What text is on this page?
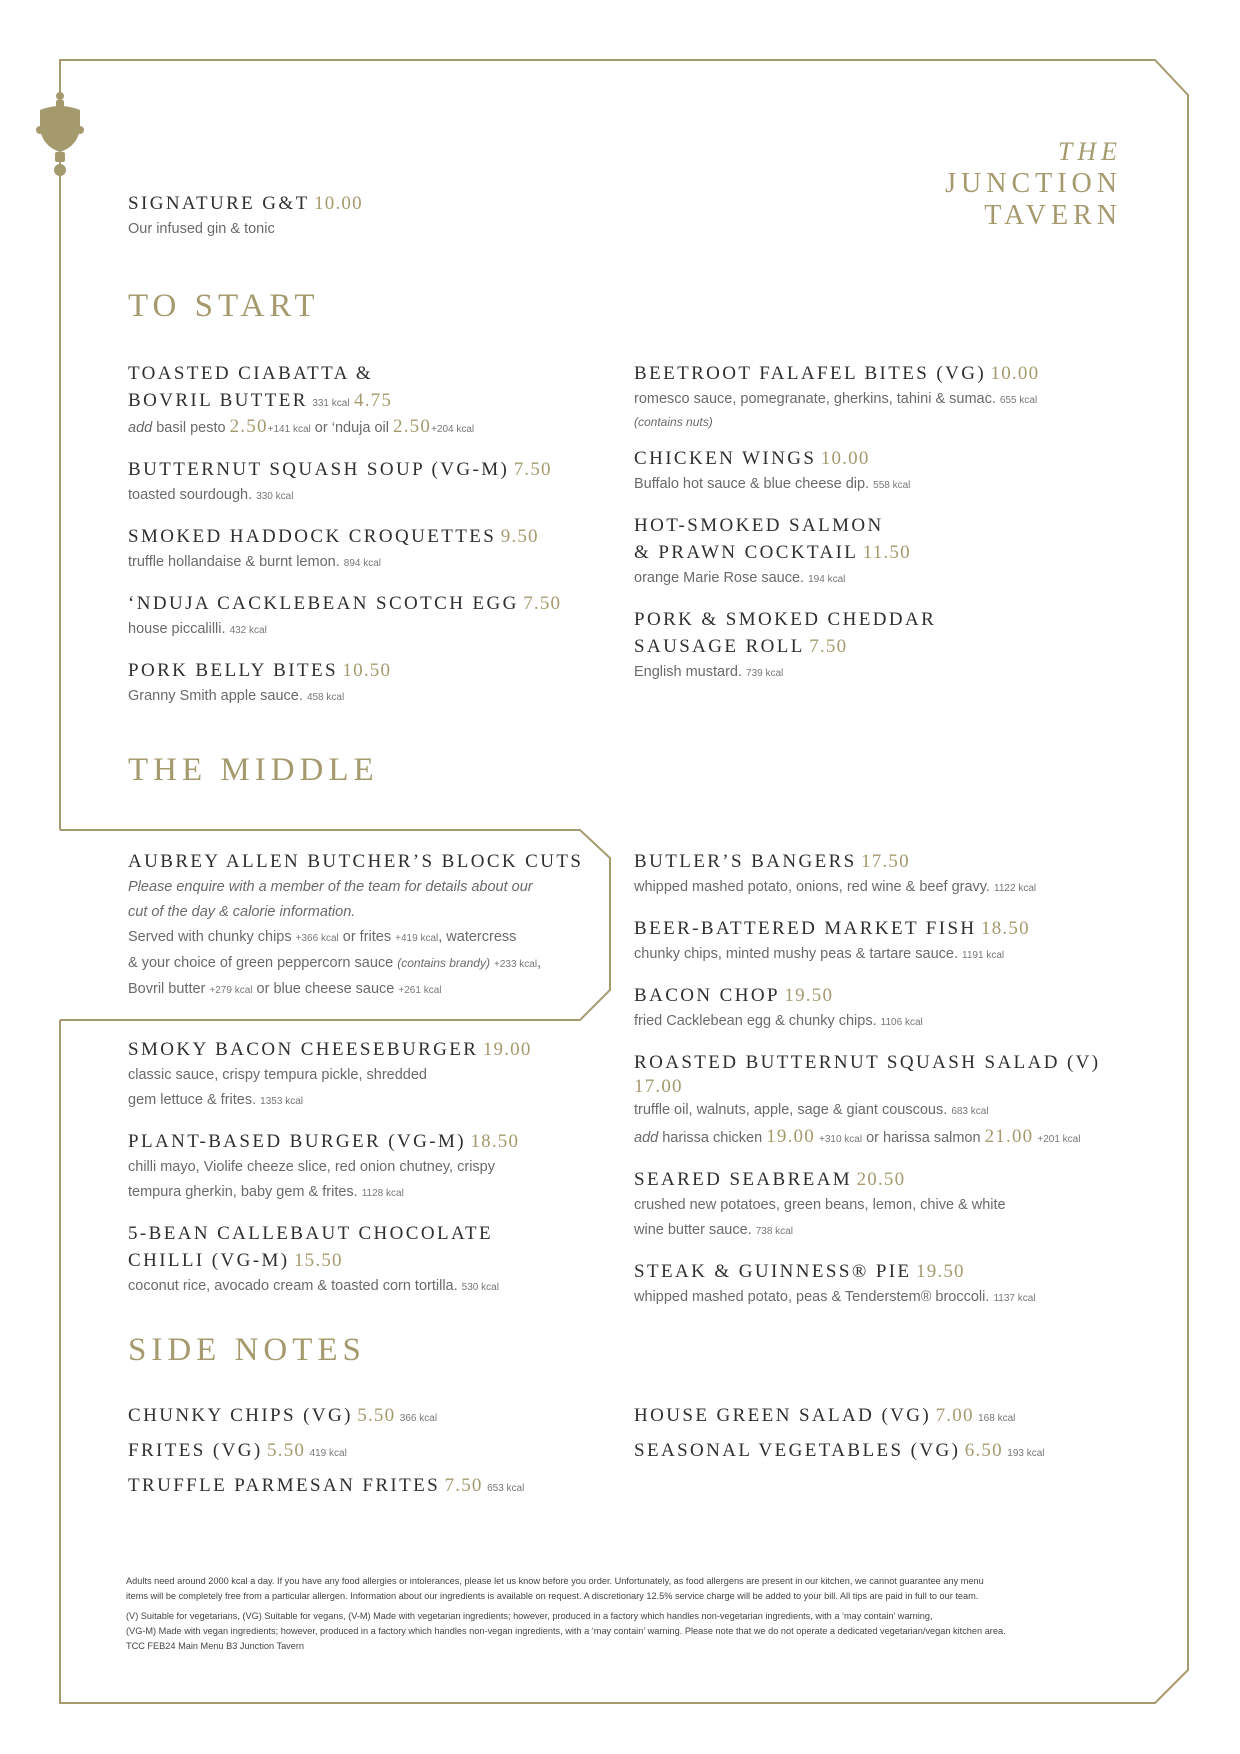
THE
JUNCTION
TAVERN
SIGNATURE G&T 10.00
Our infused gin & tonic
TO START
TOASTED CIABATTA &
BOVRIL BUTTER 331 kcal 4.75
add basil pesto 2.50+141 kcal or ‘nduja oil 2.50+204 kcal
BUTTERNUT SQUASH SOUP (VG-M) 7.50
toasted sourdough. 330 kcal
SMOKED HADDOCK CROQUETTES 9.50
truffle hollandaise & burnt lemon. 894 kcal
‘NDUJA CACKLEBEAN SCOTCH EGG 7.50
house piccalilli. 432 kcal
PORK BELLY BITES 10.50
Granny Smith apple sauce. 458 kcal
BEETROOT FALAFEL BITES (VG) 10.00
romesco sauce, pomegranate, gherkins, tahini & sumac. 655 kcal
(contains nuts)
CHICKEN WINGS 10.00
Buffalo hot sauce & blue cheese dip. 558 kcal
HOT-SMOKED SALMON
& PRAWN COCKTAIL 11.50
orange Marie Rose sauce. 194 kcal
PORK & SMOKED CHEDDAR
SAUSAGE ROLL 7.50
English mustard. 739 kcal
THE MIDDLE
AUBREY ALLEN BUTCHER’S BLOCK CUTS
Please enquire with a member of the team for details about our
cut of the day & calorie information.
Served with chunky chips +366 kcal or frites +419 kcal, watercress
& your choice of green peppercorn sauce (contains brandy) +233 kcal,
Bovril butter +279 kcal or blue cheese sauce +261 kcal
SMOKY BACON CHEESEBURGER 19.00
classic sauce, crispy tempura pickle, shredded
gem lettuce & frites. 1353 kcal
PLANT-BASED BURGER (VG-M) 18.50
chilli mayo, Violife cheeze slice, red onion chutney, crispy
tempura gherkin, baby gem & frites. 1128 kcal
5-BEAN CALLEBAUT CHOCOLATE
CHILLI (VG-M) 15.50
coconut rice, avocado cream & toasted corn tortilla. 530 kcal
BUTLER’S BANGERS 17.50
whipped mashed potato, onions, red wine & beef gravy. 1122 kcal
BEER-BATTERED MARKET FISH 18.50
chunky chips, minted mushy peas & tartare sauce. 1191 kcal
BACON CHOP 19.50
fried Cacklebean egg & chunky chips. 1106 kcal
ROASTED BUTTERNUT SQUASH SALAD (V)
17.00
truffle oil, walnuts, apple, sage & giant couscous. 683 kcal
add harissa chicken 19.00 +310 kcal or harissa salmon 21.00 +201 kcal
SEARED SEABREAM 20.50
crushed new potatoes, green beans, lemon, chive & white
wine butter sauce. 738 kcal
STEAK & GUINNESS® PIE 19.50
whipped mashed potato, peas & Tenderstem® broccoli. 1137 kcal
SIDE NOTES
CHUNKY CHIPS (VG) 5.50 366 kcal
FRITES (VG) 5.50 419 kcal
TRUFFLE PARMESAN FRITES 7.50 653 kcal
HOUSE GREEN SALAD (VG) 7.00 168 kcal
SEASONAL VEGETABLES (VG) 6.50 193 kcal
Adults need around 2000 kcal a day. If you have any food allergies or intolerances, please let us know before you order. Unfortunately, as food allergens are present in our kitchen, we cannot guarantee any menu
items will be completely free from a particular allergen. Information about our ingredients is available on request. A discretionary 12.5% service charge will be added to your bill. All tips are paid in full to our team.
(V) Suitable for vegetarians, (VG) Suitable for vegans, (V-M) Made with vegetarian ingredients; however, produced in a factory which handles non-vegetarian ingredients, with a ‘may contain’ warning,
(VG-M) Made with vegan ingredients; however, produced in a factory which handles non-vegan ingredients, with a ‘may contain’ warning. Please note that we do not operate a dedicated vegetarian/vegan kitchen area.
TCC FEB24 Main Menu B3 Junction Tavern
